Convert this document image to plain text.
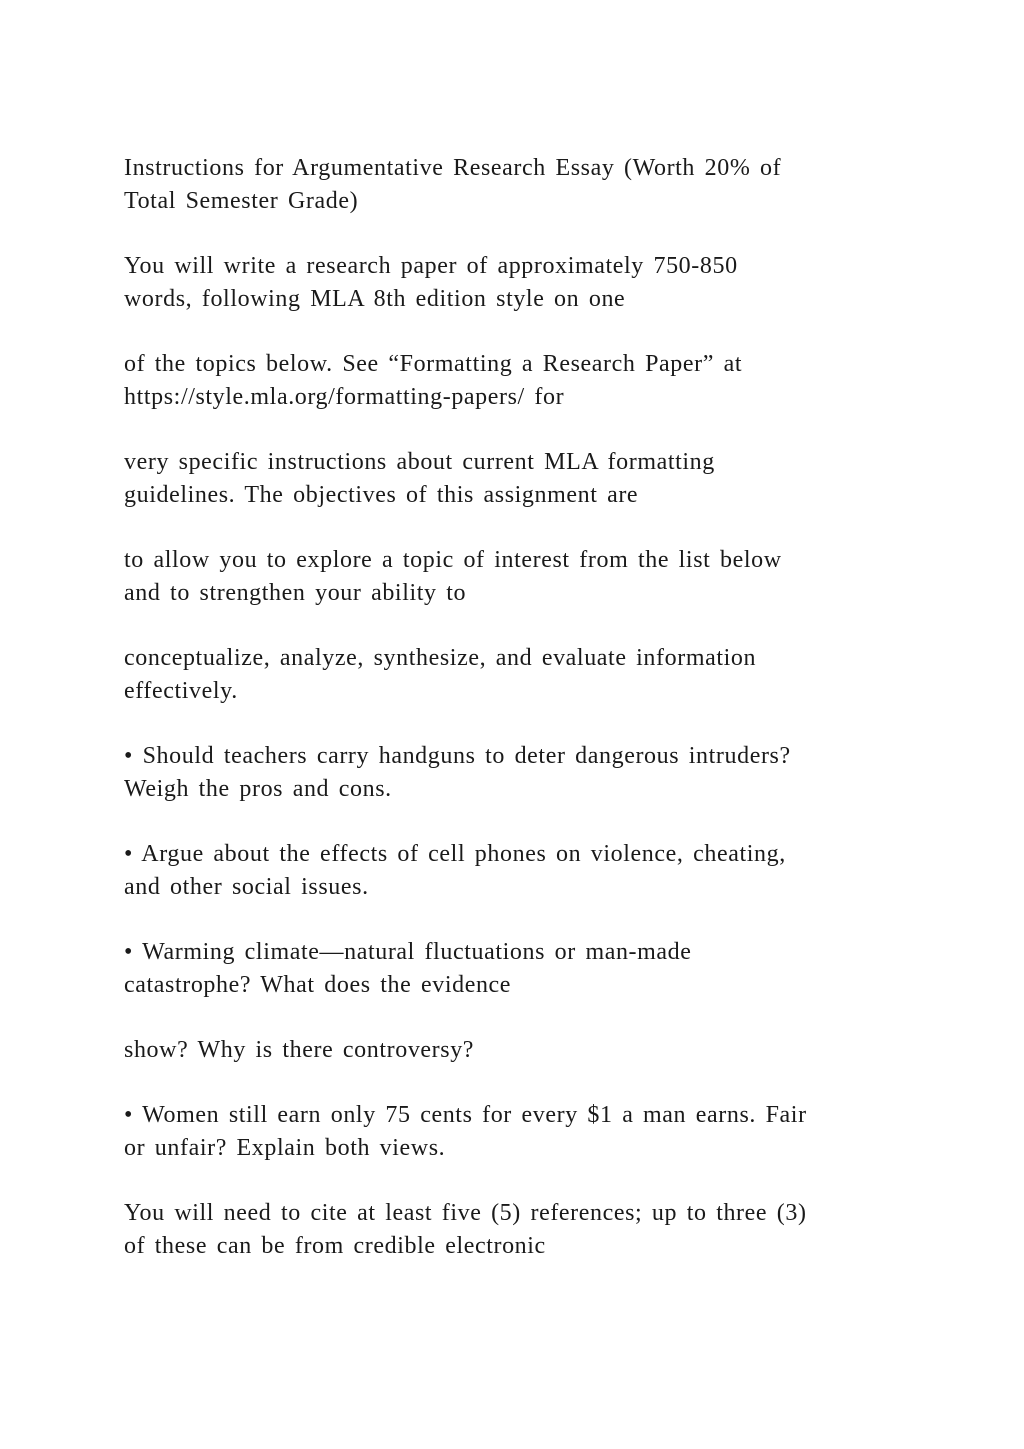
Instructions for Argumentative Research Essay (Worth 20% of
Total Semester Grade)

You will write a research paper of approximately 750-850
words, following MLA 8th edition style on one

of the topics below. See “Formatting a Research Paper” at
https://style.mla.org/formatting-papers/ for

very specific instructions about current MLA formatting
guidelines. The objectives of this assignment are

to allow you to explore a topic of interest from the list below
and to strengthen your ability to

conceptualize, analyze, synthesize, and evaluate information
effectively.

• Should teachers carry handguns to deter dangerous intruders?
Weigh the pros and cons.

• Argue about the effects of cell phones on violence, cheating,
and other social issues.

• Warming climate—natural fluctuations or man-made
catastrophe? What does the evidence

show? Why is there controversy?

• Women still earn only 75 cents for every $1 a man earns. Fair
or unfair? Explain both views.

You will need to cite at least five (5) references; up to three (3)
of these can be from credible electronic
